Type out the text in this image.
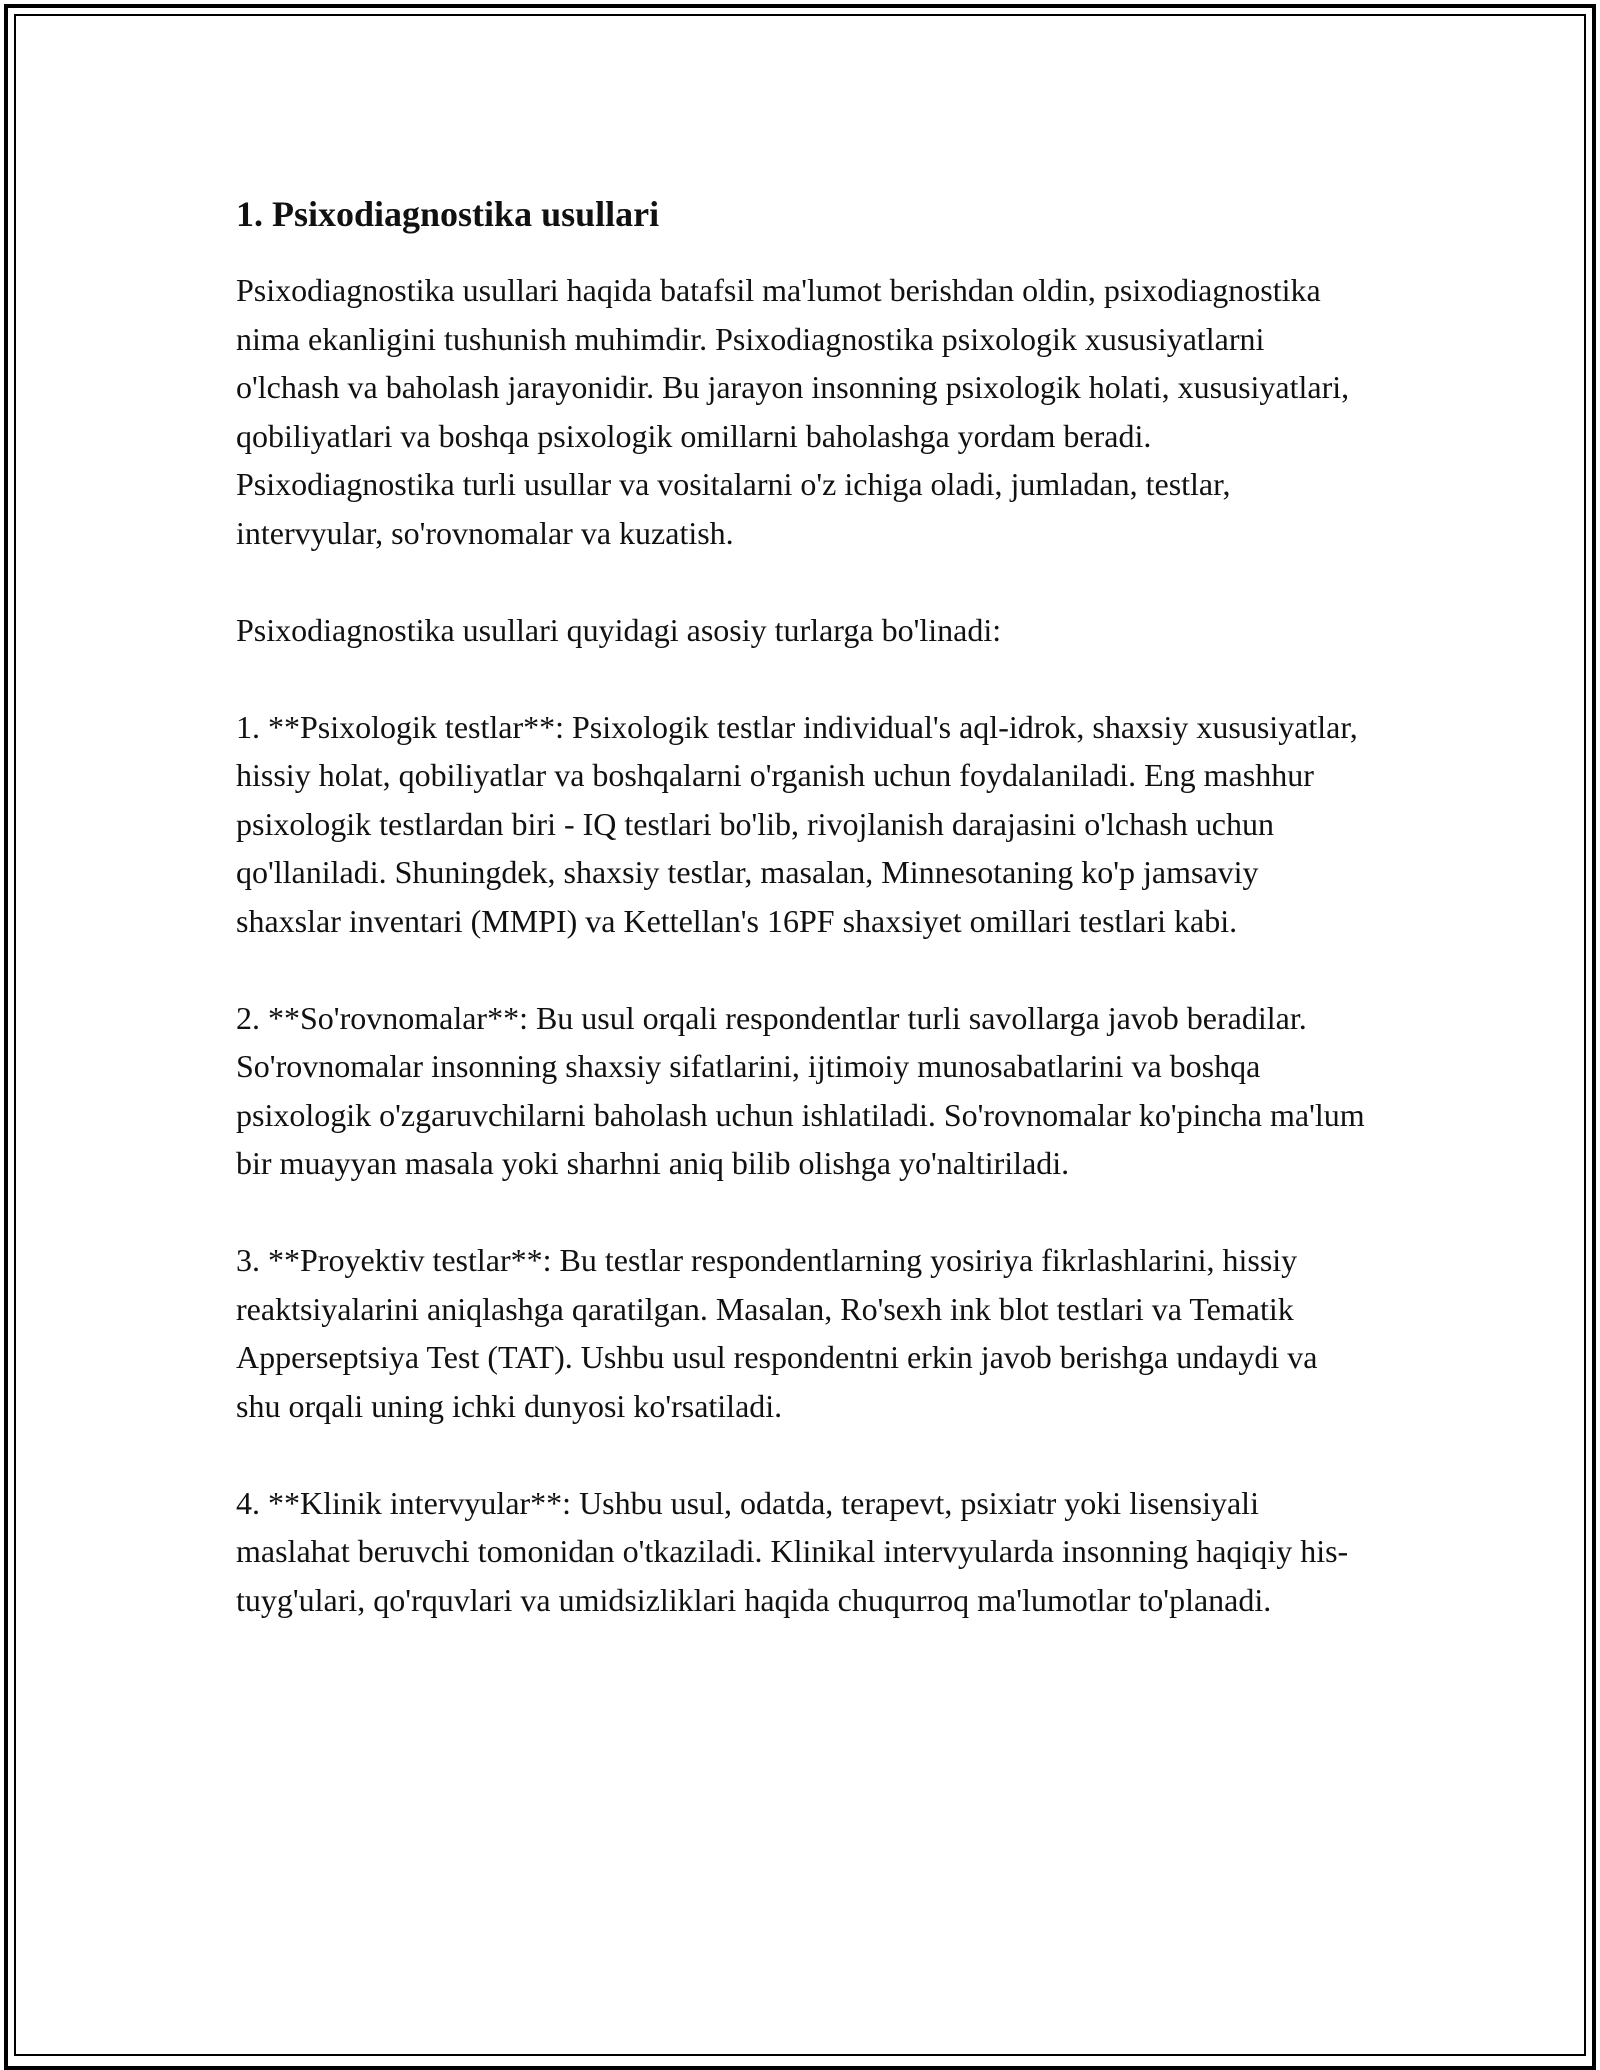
1. Psixodiagnostika usullari

Psixodiagnostika usullari haqida batafsil ma'lumot berishdan oldin, psixodiagnostika nima ekanligini tushunish muhimdir. Psixodiagnostika psixologik xususiyatlarni o'lchash va baholash jarayonidir. Bu jarayon insonning psixologik holati, xususiyatlari, qobiliyatlari va boshqa psixologik omillarni baholashga yordam beradi. Psixodiagnostika turli usullar va vositalarni o'z ichiga oladi, jumladan, testlar, intervyular, so'rovnomalar va kuzatish.

Psixodiagnostika usullari quyidagi asosiy turlarga bo'linadi:

1. **Psixologik testlar**: Psixologik testlar individual's aql-idrok, shaxsiy xususiyatlar, hissiy holat, qobiliyatlar va boshqalarni o'rganish uchun foydalaniladi. Eng mashhur psixologik testlardan biri - IQ testlari bo'lib, rivojlanish darajasini o'lchash uchun qo'llaniladi. Shuningdek, shaxsiy testlar, masalan, Minnesotaning ko'p jamsaviy shaxslar inventari (MMPI) va Kettellan's 16PF shaxsiyet omillari testlari kabi.

2. **So'rovnomalar**: Bu usul orqali respondentlar turli savollarga javob beradilar. So'rovnomalar insonning shaxsiy sifatlarini, ijtimoiy munosabatlarini va boshqa psixologik o'zgaruvchilarni baholash uchun ishlatiladi. So'rovnomalar ko'pincha ma'lum bir muayyan masala yoki sharhni aniq bilib olishga yo'naltiriladi.

3. **Proyektiv testlar**: Bu testlar respondentlarning yosiriya fikrlashlarini, hissiy reaktsiyalarini aniqlashga qaratilgan. Masalan, Ro'sexh ink blot testlari va Tematik Apperseptsiya Test (TAT). Ushbu usul respondentni erkin javob berishga undaydi va shu orqali uning ichki dunyosi ko'rsatiladi.

4. **Klinik intervyular**: Ushbu usul, odatda, terapevt, psixiatr yoki lisensiyali maslahat beruvchi tomonidan o'tkaziladi. Klinikal intervyularda insonning haqiqiy his-tuyg'ulari, qo'rquvlari va umidsizliklari haqida chuqurroq ma'lumotlar to'planadi.
